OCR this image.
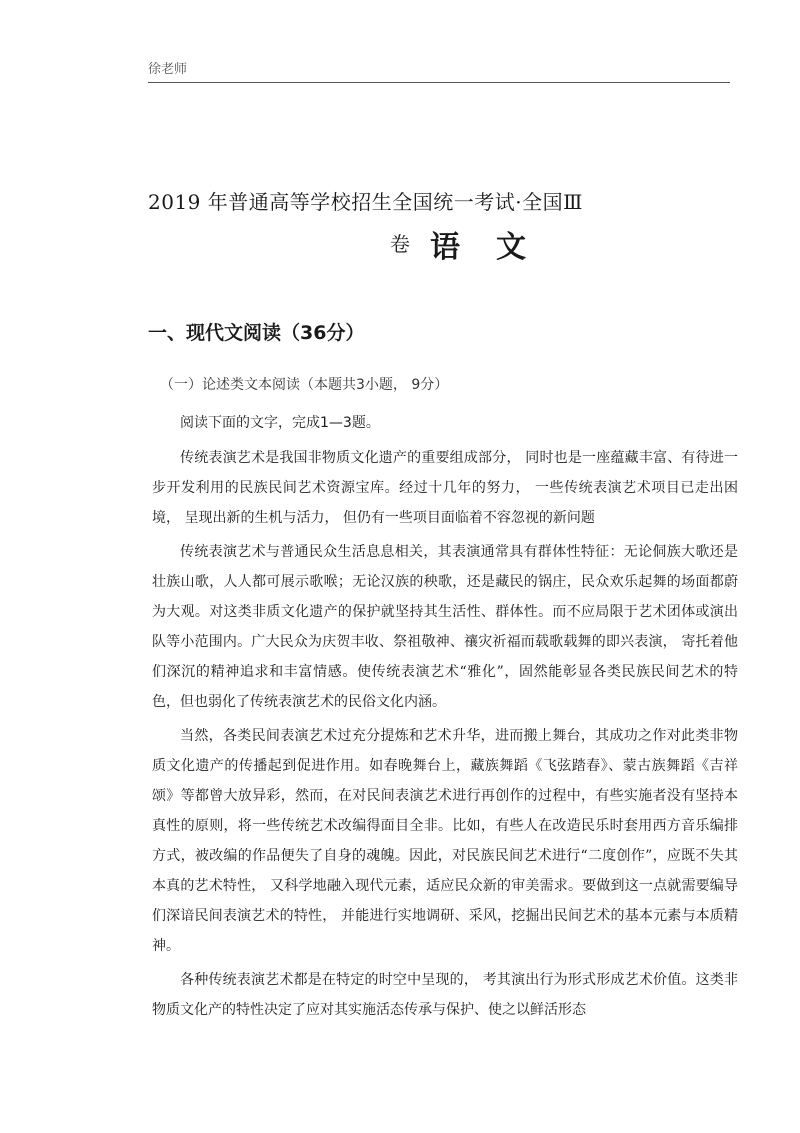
徐老师
2019 年普通高等学校招生全国统一考试·全国Ⅲ
卷 语文
一、现代文阅读（36分）
（一）论述类文本阅读（本题共3小题， 9分）
阅读下面的文字，完成1—3题。

传统表演艺术是我国非物质文化遗产的重要组成部分， 同时也是一座蕴藏丰富、有待进一步开发利用的民族民间艺术资源宝库。经过十几年的努力， 一些传统表演艺术项目已走出困境， 呈现出新的生机与活力， 但仍有一些项目面临着不容忽视的新问题

传统表演艺术与普通民众生活息息相关，其表演通常具有群体性特征：无论侗族大歌还是壮族山歌，人人都可展示歌喉；无论汉族的秧歌，还是藏民的锅庄，民众欢乐起舞的场面都蔚为大观。对这类非质文化遗产的保护就坚持其生活性、群体性。而不应局限于艺术团体或演出队等小范围内。广大民众为庆贺丰收、祭祖敬神、禳灾祈福而载歌载舞的即兴表演， 寄托着他们深沉的精神追求和丰富情感。使传统表演艺术“雅化”，固然能彰显各类民族民间艺术的特色，但也弱化了传统表演艺术的民俗文化内涵。

当然，各类民间表演艺术过充分提炼和艺术升华，进而搬上舞台，其成功之作对此类非物质文化遗产的传播起到促进作用。如春晚舞台上，藏族舞蹈《飞弦踏春》、蒙古族舞蹈《吉祥颂》等都曾大放异彩，然而，在对民间表演艺术进行再创作的过程中，有些实施者没有坚持本真性的原则，将一些传统艺术改编得面目全非。比如，有些人在改造民乐时套用西方音乐编排方式，被改编的作品便失了自身的魂魄。因此，对民族民间艺术进行“二度创作”，应既不失其本真的艺术特性， 又科学地融入现代元素，适应民众新的审美需求。要做到这一点就需要编导们深谙民间表演艺术的特性， 并能进行实地调研、采风，挖掘出民间艺术的基本元素与本质精神。

各种传统表演艺术都是在特定的时空中呈现的， 考其演出行为形式形成艺术价值。这类非物质文化产的特性决定了应对其实施活态传承与保护、使之以鲜活形态
